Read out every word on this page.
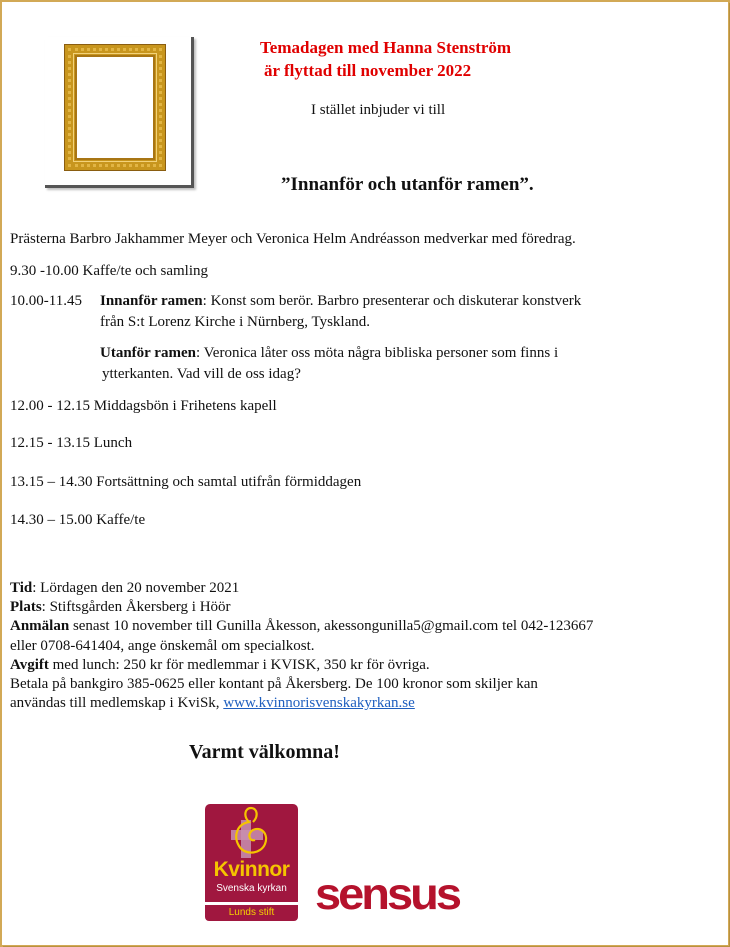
Temadagen med Hanna Stenström
är flyttad till november 2022
I stället inbjuder vi till
”Innanför och utanför ramen”.
Prästerna Barbro Jakhammer Meyer och Veronica Helm Andréasson medverkar med föredrag.
9.30 -10.00 Kaffe/te och samling
10.00-11.45 Innanför ramen: Konst som berör. Barbro presenterar och diskuterar konstverk
från S:t Lorenz Kirche i Nürnberg, Tyskland.
Utanför ramen: Veronica låter oss möta några bibliska personer som finns i
ytterkanten. Vad vill de oss idag?
12.00 - 12.15 Middagsbön i Frihetens kapell
12.15 - 13.15 Lunch
13.15 – 14.30 Fortsättning och samtal utifrån förmiddagen
14.30 – 15.00 Kaffe/te
Tid: Lördagen den 20 november 2021
Plats: Stiftsgården Åkersberg i Höör
Anmälan senast 10 november till Gunilla Åkesson, akessongunilla5@gmail.com tel 042-123667
eller 0708-641404, ange önskemål om specialkost.
Avgift med lunch: 250 kr för medlemmar i KVISK, 350 kr för övriga.
Betala på bankgiro 385-0625 eller kontant på Åkersberg. De 100 kronor som skiljer kan
användas till medlemskap i KviSk, www.kvinnorisvenskakyrkan.se
Varmt välkomna!
Kvinnor
Svenska kyrkan
Lunds stift sensus
